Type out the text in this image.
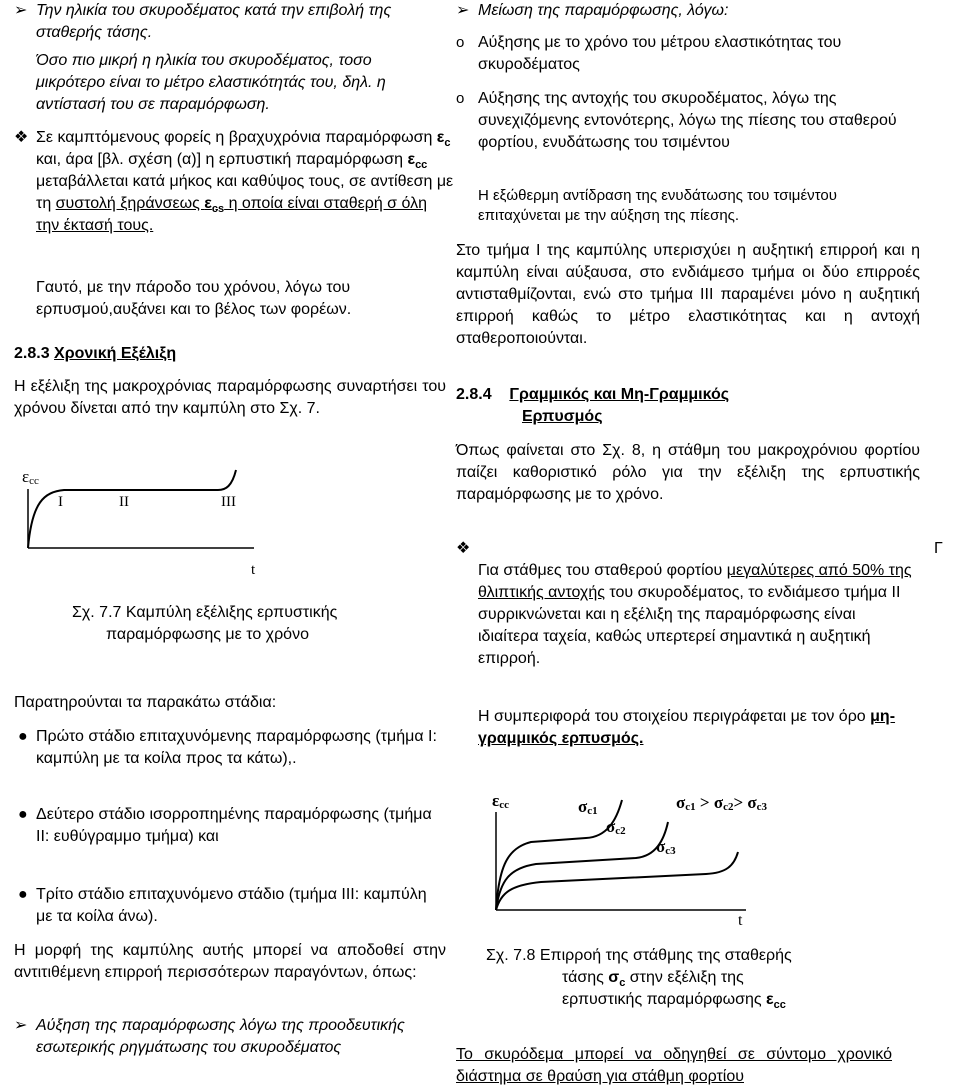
➢ Την ηλικία του σκυροδέματος κατά την επιβολή της σταθερής τάσης.

Όσο πιο μικρή η ηλικία του σκυροδέματος, τοσο μικρότερο είναι το μέτρο ελαστικότητάς του, δηλ. η αντίστασή του σε παραμόρφωση.

❖ Σε καμπτόμενους φορείς η βραχυχρόνια παραμόρφωση $\varepsilon_c$ και, άρα [βλ. σχέση (α)] η ερπυστική παραμόρφωση $\varepsilon_{cc}$ μεταβάλλεται κατά μήκος και καθύψος τους, σε αντίθεση με τη συστολή ξηράνσεως $\varepsilon_{cs}$ η οποία είναι σταθερή σ όλη την έκτασή τους.

Γαυτό, με την πάροδο του χρόνου, λόγω του ερπυσμού,αυξάνει και το βέλος των φορέων.

2.8.3 Χρονική Εξέλιξη

Η εξέλιξη της μακροχρόνιας παραμόρφωσης συναρτήσει του χρόνου δίνεται από την καμπύλη στο Σχ. 7.

εcc
I	II	III
t

Σχ. 7.7 Καμπύλη εξέλιξης ερπυστικής

παραμόρφωσης με το χρόνο

Παρατηρούνται τα παρακάτω στάδια:

● Πρώτο στάδιο επιταχυνόμενης παραμόρφωσης (τμήμα Ι: καμπύλη με τα κοίλα προς τα κάτω),.

● Δεύτερο στάδιο ισορροπημένης παραμόρφωσης (τμήμα ΙΙ: ευθύγραμμο τμήμα) και

● Τρίτο στάδιο επιταχυνόμενο στάδιο (τμήμα ΙΙΙ: καμπύλη με τα κοίλα άνω).

Η μορφή της καμπύλης αυτής μπορεί να αποδοθεί στην αντιτιθέμενη επιρροή περισσότερων παραγόντων, όπως:

➢ Αύξηση της παραμόρφωσης λόγω της προοδευτικής εσωτερικής ρηγμάτωσης του σκυροδέματος

➢ Μείωση της παραμόρφωσης, λόγω:

o Αύξησης με το χρόνο του μέτρου ελαστικότητας του σκυροδέματος

o Αύξησης της αντοχής του σκυροδέματος, λόγω της συνεχιζόμενης εντονότερης, λόγω της πίεσης του σταθερού φορτίου, ενυδάτωσης του τσιμέντου

Η εξώθερμη αντίδραση της ενυδάτωσης του τσιμέντου επιταχύνεται με την αύξηση της πίεσης.

Στο τμήμα Ι της καμπύλης υπερισχύει η αυξητική επιρροή και η καμπύλη είναι αύξαυσα, στο ενδιάμεσο τμήμα οι δύο επιρροές αντισταθμίζονται, ενώ στο τμήμα ΙΙΙ παραμένει μόνο η αυξητική επιρροή καθώς το μέτρο ελαστικότητας και η αντοχή σταθεροποιούνται.

2.8.4 Γραμμικός και Μη-Γραμμικός

Ερπυσμός

Όπως φαίνεται στο Σχ. 8, η στάθμη του μακροχρόνιου φορτίου παίζει καθοριστικό ρόλο για την εξέλιξη της ερπυστικής παραμόρφωσης με το χρόνο.

❖	Γ

Για στάθμες του σταθερού φορτίου μεγαλύτερες από 50% της θλιπτικής αντοχής του σκυροδέματος, το ενδιάμεσο τμήμα ΙΙ συρρικνώνεται και η εξέλιξη της παραμόρφωσης είναι ιδιαίτερα ταχεία, καθώς υπερτερεί σημαντικά η αυξητική επιρροή.

Η συμπεριφορά του στοιχείου περιγράφεται με τον όρο μη-γραμμικός ερπυσμός.

εcc	σc1
σc2
σc3
σc1 > σc2> σc3
t

Σχ. 7.8 Επιρροή της στάθμης της σταθερής

τάσης $\sigma_c$ στην εξέλιξη της

ερπυστικής παραμόρφωσης $\varepsilon_{cc}$

Το σκυρόδεμα μπορεί να οδηγηθεί σε σύντομο χρονικό διάστημα σε θραύση για στάθμη φορτίου
